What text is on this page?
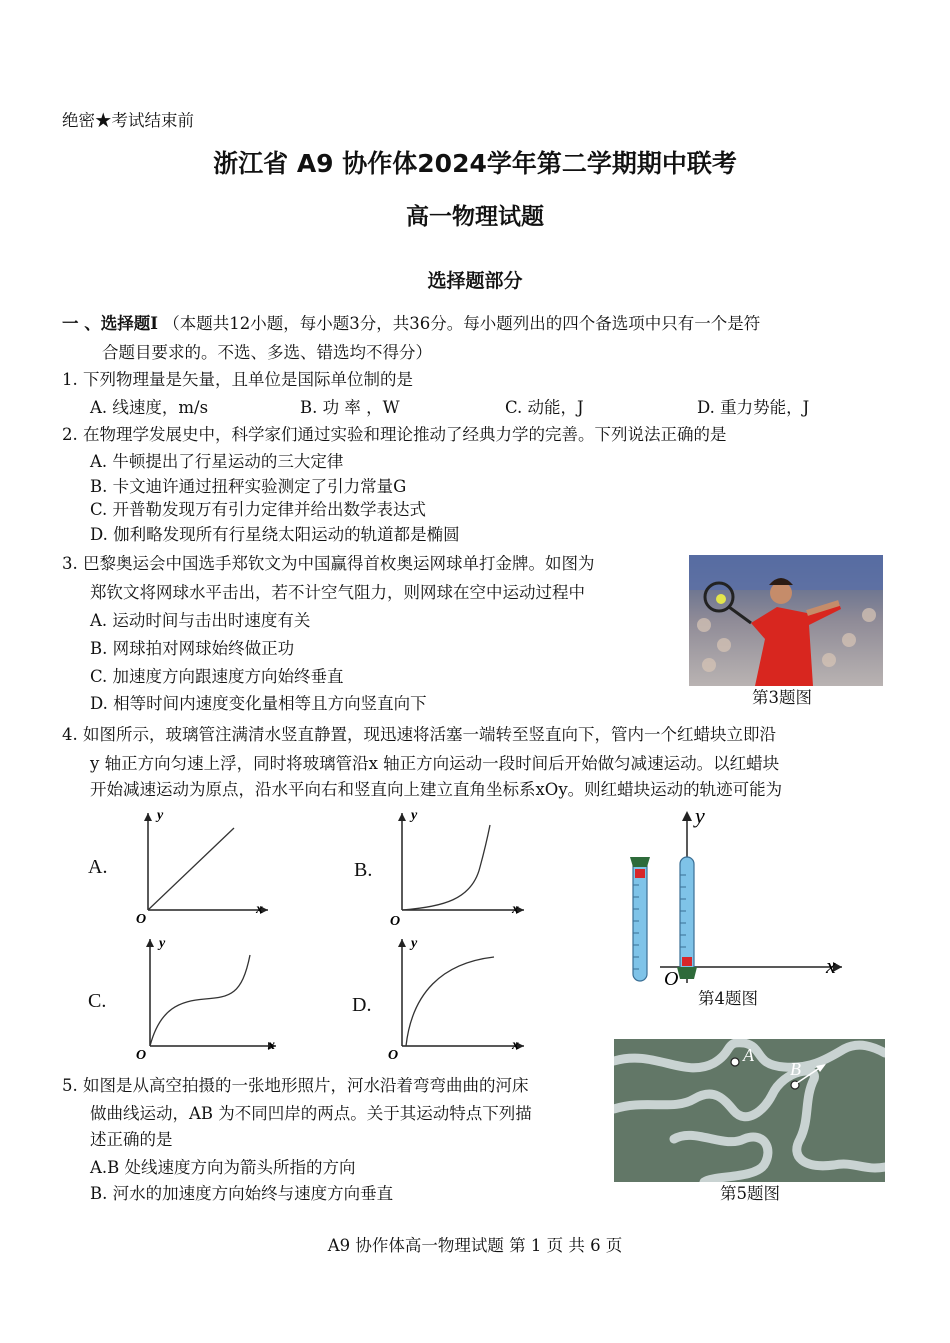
绝密★考试结束前
浙江省 A9 协作体2024学年第二学期期中联考
高一物理试题
选择题部分
一 、选择题I （本题共12小题，每小题3分，共36分。每小题列出的四个备选项中只有一个是符
合题目要求的。不选、多选、错选均不得分）
1. 下列物理量是矢量，且单位是国际单位制的是
A. 线速度，m/s	B. 功 率 ，W	C. 动能，J	D. 重力势能，J
2. 在物理学发展史中，科学家们通过实验和理论推动了经典力学的完善。下列说法正确的是
A. 牛顿提出了行星运动的三大定律
B. 卡文迪许通过扭秤实验测定了引力常量G
C. 开普勒发现万有引力定律并给出数学表达式
D. 伽利略发现所有行星绕太阳运动的轨道都是椭圆
3. 巴黎奥运会中国选手郑钦文为中国赢得首枚奥运网球单打金牌。如图为
郑钦文将网球水平击出，若不计空气阻力，则网球在空中运动过程中
A. 运动时间与击出时速度有关
B. 网球拍对网球始终做正功
C. 加速度方向跟速度方向始终垂直
D. 相等时间内速度变化量相等且方向竖直向下	第3题图
4. 如图所示，玻璃管注满清水竖直静置，现迅速将活塞一端转至竖直向下，管内一个红蜡块立即沿
y 轴正方向匀速上浮，同时将玻璃管沿x 轴正方向运动一段时间后开始做匀减速运动。以红蜡块
开始减速运动为原点，沿水平向右和竖直向上建立直角坐标系xOy。则红蜡块运动的轨迹可能为
A.	B.
C.	D.
y
x
O
y
x
O
y
x
O
y
x
O
y
x
O
第4题图
5. 如图是从高空拍摄的一张地形照片，河水沿着弯弯曲曲的河床
做曲线运动，AB 为不同凹岸的两点。关于其运动特点下列描
述正确的是
A.B 处线速度方向为箭头所指的方向
B. 河水的加速度方向始终与速度方向垂直
A
B
第5题图
A9 协作体高一物理试题 第 1 页 共 6 页
